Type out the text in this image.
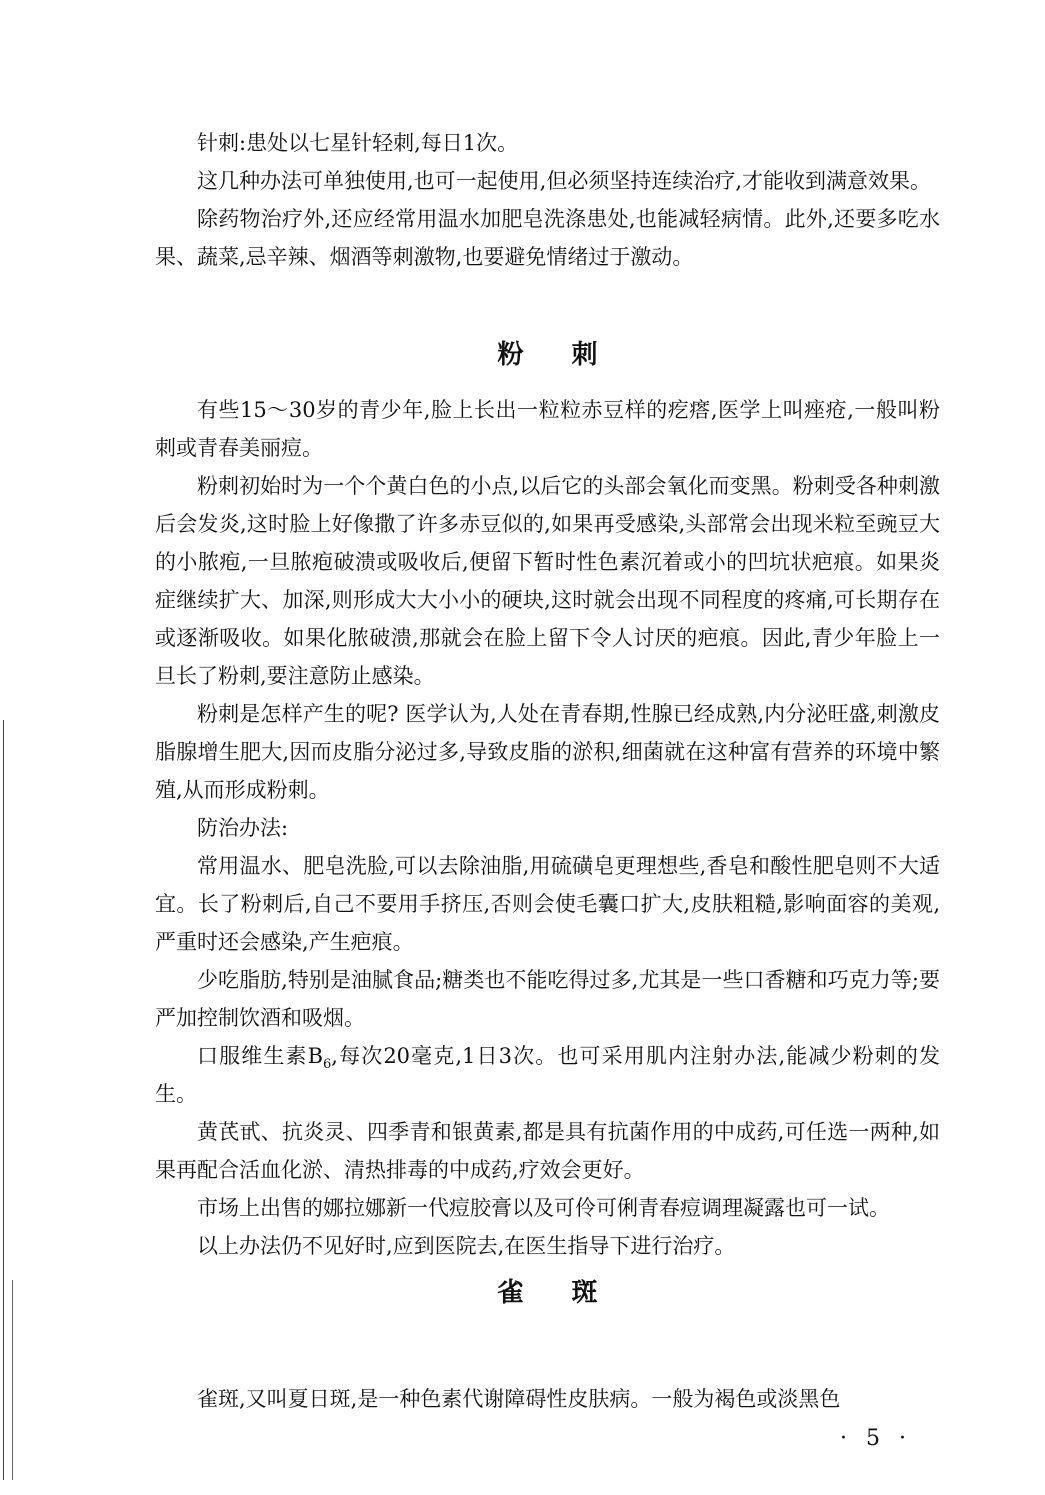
针刺:患处以七星针轻刺,每日1次。

这几种办法可单独使用,也可一起使用,但必须坚持连续治疗,才能收到满意效果。

除药物治疗外,还应经常用温水加肥皂洗涤患处,也能减轻病情。此外,还要多吃水果、蔬菜,忌辛辣、烟酒等刺激物,也要避免情绪过于激动。

粉刺

有些15～30岁的青少年,脸上长出一粒粒赤豆样的疙瘩,医学上叫痤疮,一般叫粉刺或青春美丽痘。

粉刺初始时为一个个黄白色的小点,以后它的头部会氧化而变黑。粉刺受各种刺激后会发炎,这时脸上好像撒了许多赤豆似的,如果再受感染,头部常会出现米粒至豌豆大的小脓疱,一旦脓疱破溃或吸收后,便留下暂时性色素沉着或小的凹坑状疤痕。如果炎症继续扩大、加深,则形成大大小小的硬块,这时就会出现不同程度的疼痛,可长期存在或逐渐吸收。如果化脓破溃,那就会在脸上留下令人讨厌的疤痕。因此,青少年脸上一旦长了粉刺,要注意防止感染。

粉刺是怎样产生的呢? 医学认为,人处在青春期,性腺已经成熟,内分泌旺盛,刺激皮脂腺增生肥大,因而皮脂分泌过多,导致皮脂的淤积,细菌就在这种富有营养的环境中繁殖,从而形成粉刺。

防治办法:

常用温水、肥皂洗脸,可以去除油脂,用硫磺皂更理想些,香皂和酸性肥皂则不大适宜。长了粉刺后,自己不要用手挤压,否则会使毛囊口扩大,皮肤粗糙,影响面容的美观,严重时还会感染,产生疤痕。

少吃脂肪,特别是油腻食品;糖类也不能吃得过多,尤其是一些口香糖和巧克力等;要严加控制饮酒和吸烟。

口服维生素$B_6$,每次20毫克,1日3次。也可采用肌内注射办法,能减少粉刺的发生。

黄芪甙、抗炎灵、四季青和银黄素,都是具有抗菌作用的中成药,可任选一两种,如果再配合活血化淤、清热排毒的中成药,疗效会更好。

市场上出售的娜拉娜新一代痘胶膏以及可伶可俐青春痘调理凝露也可一试。

以上办法仍不见好时,应到医院去,在医生指导下进行治疗。

雀斑

雀斑,又叫夏日斑,是一种色素代谢障碍性皮肤病。一般为褐色或淡黑色

· 5 ·
